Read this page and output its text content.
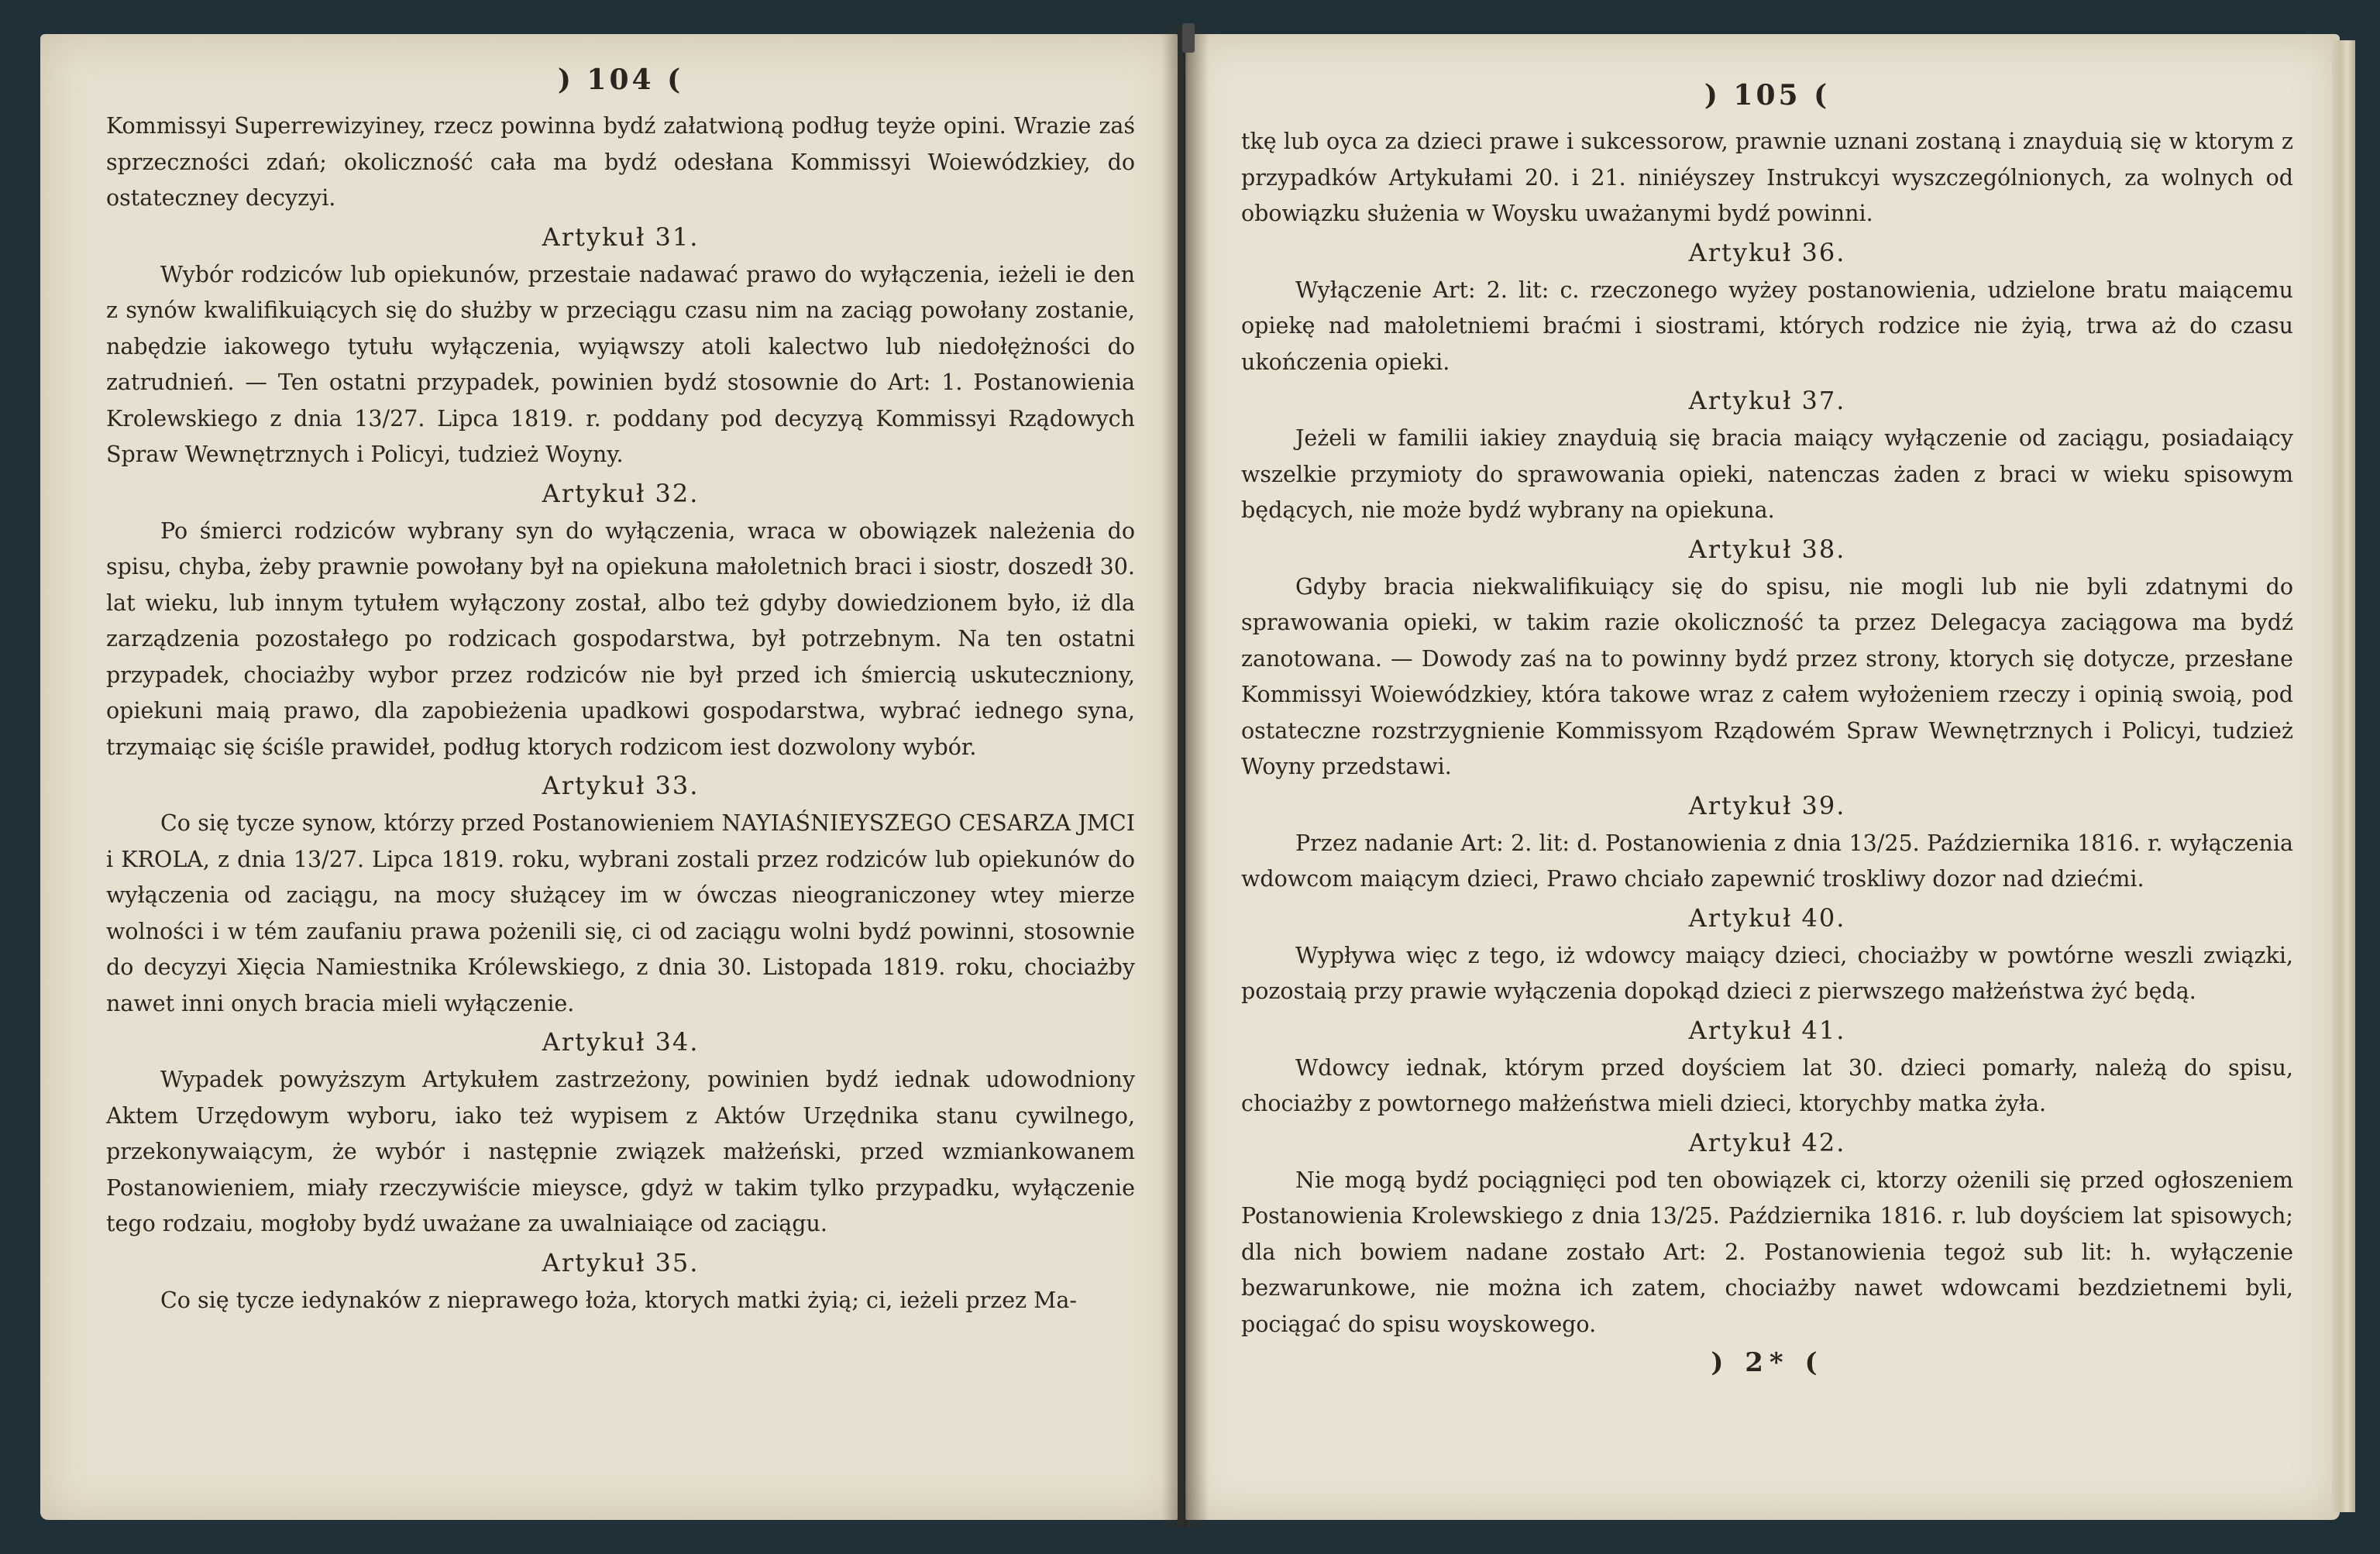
) 104 (

Kommissyi Superrewizyiney, rzecz powinna bydź załatwioną podług teyże opini. Wrazie zaś sprzeczności zdań; okoliczność cała ma bydź odesłana Kommissyi Woiewódzkiey, do ostateczney decyzyi.

Artykuł 31.

Wybór rodziców lub opiekunów, przestaie nadawać prawo do wyłączenia, ieżeli ie den z synów kwalifikuiących się do służby w przeciągu czasu nim na zaciąg powołany zostanie, nabędzie iakowego tytułu wyłączenia, wyiąwszy atoli kalectwo lub niedołężności do zatrudnień. — Ten ostatni przypadek, powinien bydź stosownie do Art: 1. Postanowienia Krolewskiego z dnia 13/27. Lipca 1819. r. poddany pod decyzyą Kommissyi Rządowych Spraw Wewnętrznych i Policyi, tudzież Woyny.

Artykuł 32.

Po śmierci rodziców wybrany syn do wyłączenia, wraca w obowiązek należenia do spisu, chyba, żeby prawnie powołany był na opiekuna małoletnich braci i siostr, doszedł 30. lat wieku, lub innym tytułem wyłączony został, albo też gdyby dowiedzionem było, iż dla zarządzenia pozostałego po rodzicach gospodarstwa, był potrzebnym. Na ten ostatni przypadek, chociażby wybor przez rodziców nie był przed ich śmiercią uskuteczniony, opiekuni maią prawo, dla zapobieżenia upadkowi gospodarstwa, wybrać iednego syna, trzymaiąc się ściśle prawideł, podług ktorych rodzicom iest dozwolony wybór.

Artykuł 33.

Co się tycze synow, którzy przed Postanowieniem NAYIAŚNIEYSZEGO CESARZA JMCI i KROLA, z dnia 13/27. Lipca 1819. roku, wybrani zostali przez rodziców lub opiekunów do wyłączenia od zaciągu, na mocy służącey im w ówczas nieograniczoney wtey mierze wolności i w tém zaufaniu prawa pożenili się, ci od zaciągu wolni bydź powinni, stosownie do decyzyi Xięcia Namiestnika Królewskiego, z dnia 30. Listopada 1819. roku, chociażby nawet inni onych bracia mieli wyłączenie.

Artykuł 34.

Wypadek powyższym Artykułem zastrzeżony, powinien bydź iednak udowodniony Aktem Urzędowym wyboru, iako też wypisem z Aktów Urzędnika stanu cywilnego, przekonywaiącym, że wybór i następnie związek małżeński, przed wzmiankowanem Postanowieniem, miały rzeczywiście mieysce, gdyż w takim tylko przypadku, wyłączenie tego rodzaiu, mogłoby bydź uważane za uwalniaiące od zaciągu.

Artykuł 35.

Co się tycze iedynaków z nieprawego łoża, ktorych matki żyią; ci, ieżeli przez Ma-

) 105 (

tkę lub oyca za dzieci prawe i sukcessorow, prawnie uznani zostaną i znayduią się w ktorym z przypadków Artykułami 20. i 21. niniéyszey Instrukcyi wyszczególnionych, za wolnych od obowiązku służenia w Woysku uważanymi bydź powinni.

Artykuł 36.

Wyłączenie Art: 2. lit: c. rzeczonego wyżey postanowienia, udzielone bratu maiącemu opiekę nad małoletniemi braćmi i siostrami, których rodzice nie żyią, trwa aż do czasu ukończenia opieki.

Artykuł 37.

Jeżeli w familii iakiey znayduią się bracia maiący wyłączenie od zaciągu, posiadaiący wszelkie przymioty do sprawowania opieki, natenczas żaden z braci w wieku spisowym będących, nie może bydź wybrany na opiekuna.

Artykuł 38.

Gdyby bracia niekwalifikuiący się do spisu, nie mogli lub nie byli zdatnymi do sprawowania opieki, w takim razie okoliczność ta przez Delegacya zaciągowa ma bydź zanotowana. — Dowody zaś na to powinny bydź przez strony, ktorych się dotycze, przesłane Kommissyi Woiewódzkiey, która takowe wraz z całem wyłożeniem rzeczy i opinią swoią, pod ostateczne rozstrzygnienie Kommissyom Rządowém Spraw Wewnętrznych i Policyi, tudzież Woyny przedstawi.

Artykuł 39.

Przez nadanie Art: 2. lit: d. Postanowienia z dnia 13/25. Października 1816. r. wyłączenia wdowcom maiącym dzieci, Prawo chciało zapewnić troskliwy dozor nad dziećmi.

Artykuł 40.

Wypływa więc z tego, iż wdowcy maiący dzieci, chociażby w powtórne weszli związki, pozostaią przy prawie wyłączenia dopokąd dzieci z pierwszego małżeństwa żyć będą.

Artykuł 41.

Wdowcy iednak, którym przed doyściem lat 30. dzieci pomarły, należą do spisu, chociażby z powtornego małżeństwa mieli dzieci, ktorychby matka żyła.

Artykuł 42.

Nie mogą bydź pociągnięci pod ten obowiązek ci, ktorzy ożenili się przed ogłoszeniem Postanowienia Krolewskiego z dnia 13/25. Października 1816. r. lub doyściem lat spisowych; dla nich bowiem nadane zostało Art: 2. Postanowienia tegoż sub lit: h. wyłączenie bezwarunkowe, nie można ich zatem, chociażby nawet wdowcami bezdzietnemi byli, pociągać do spisu woyskowego.

) 2* (
